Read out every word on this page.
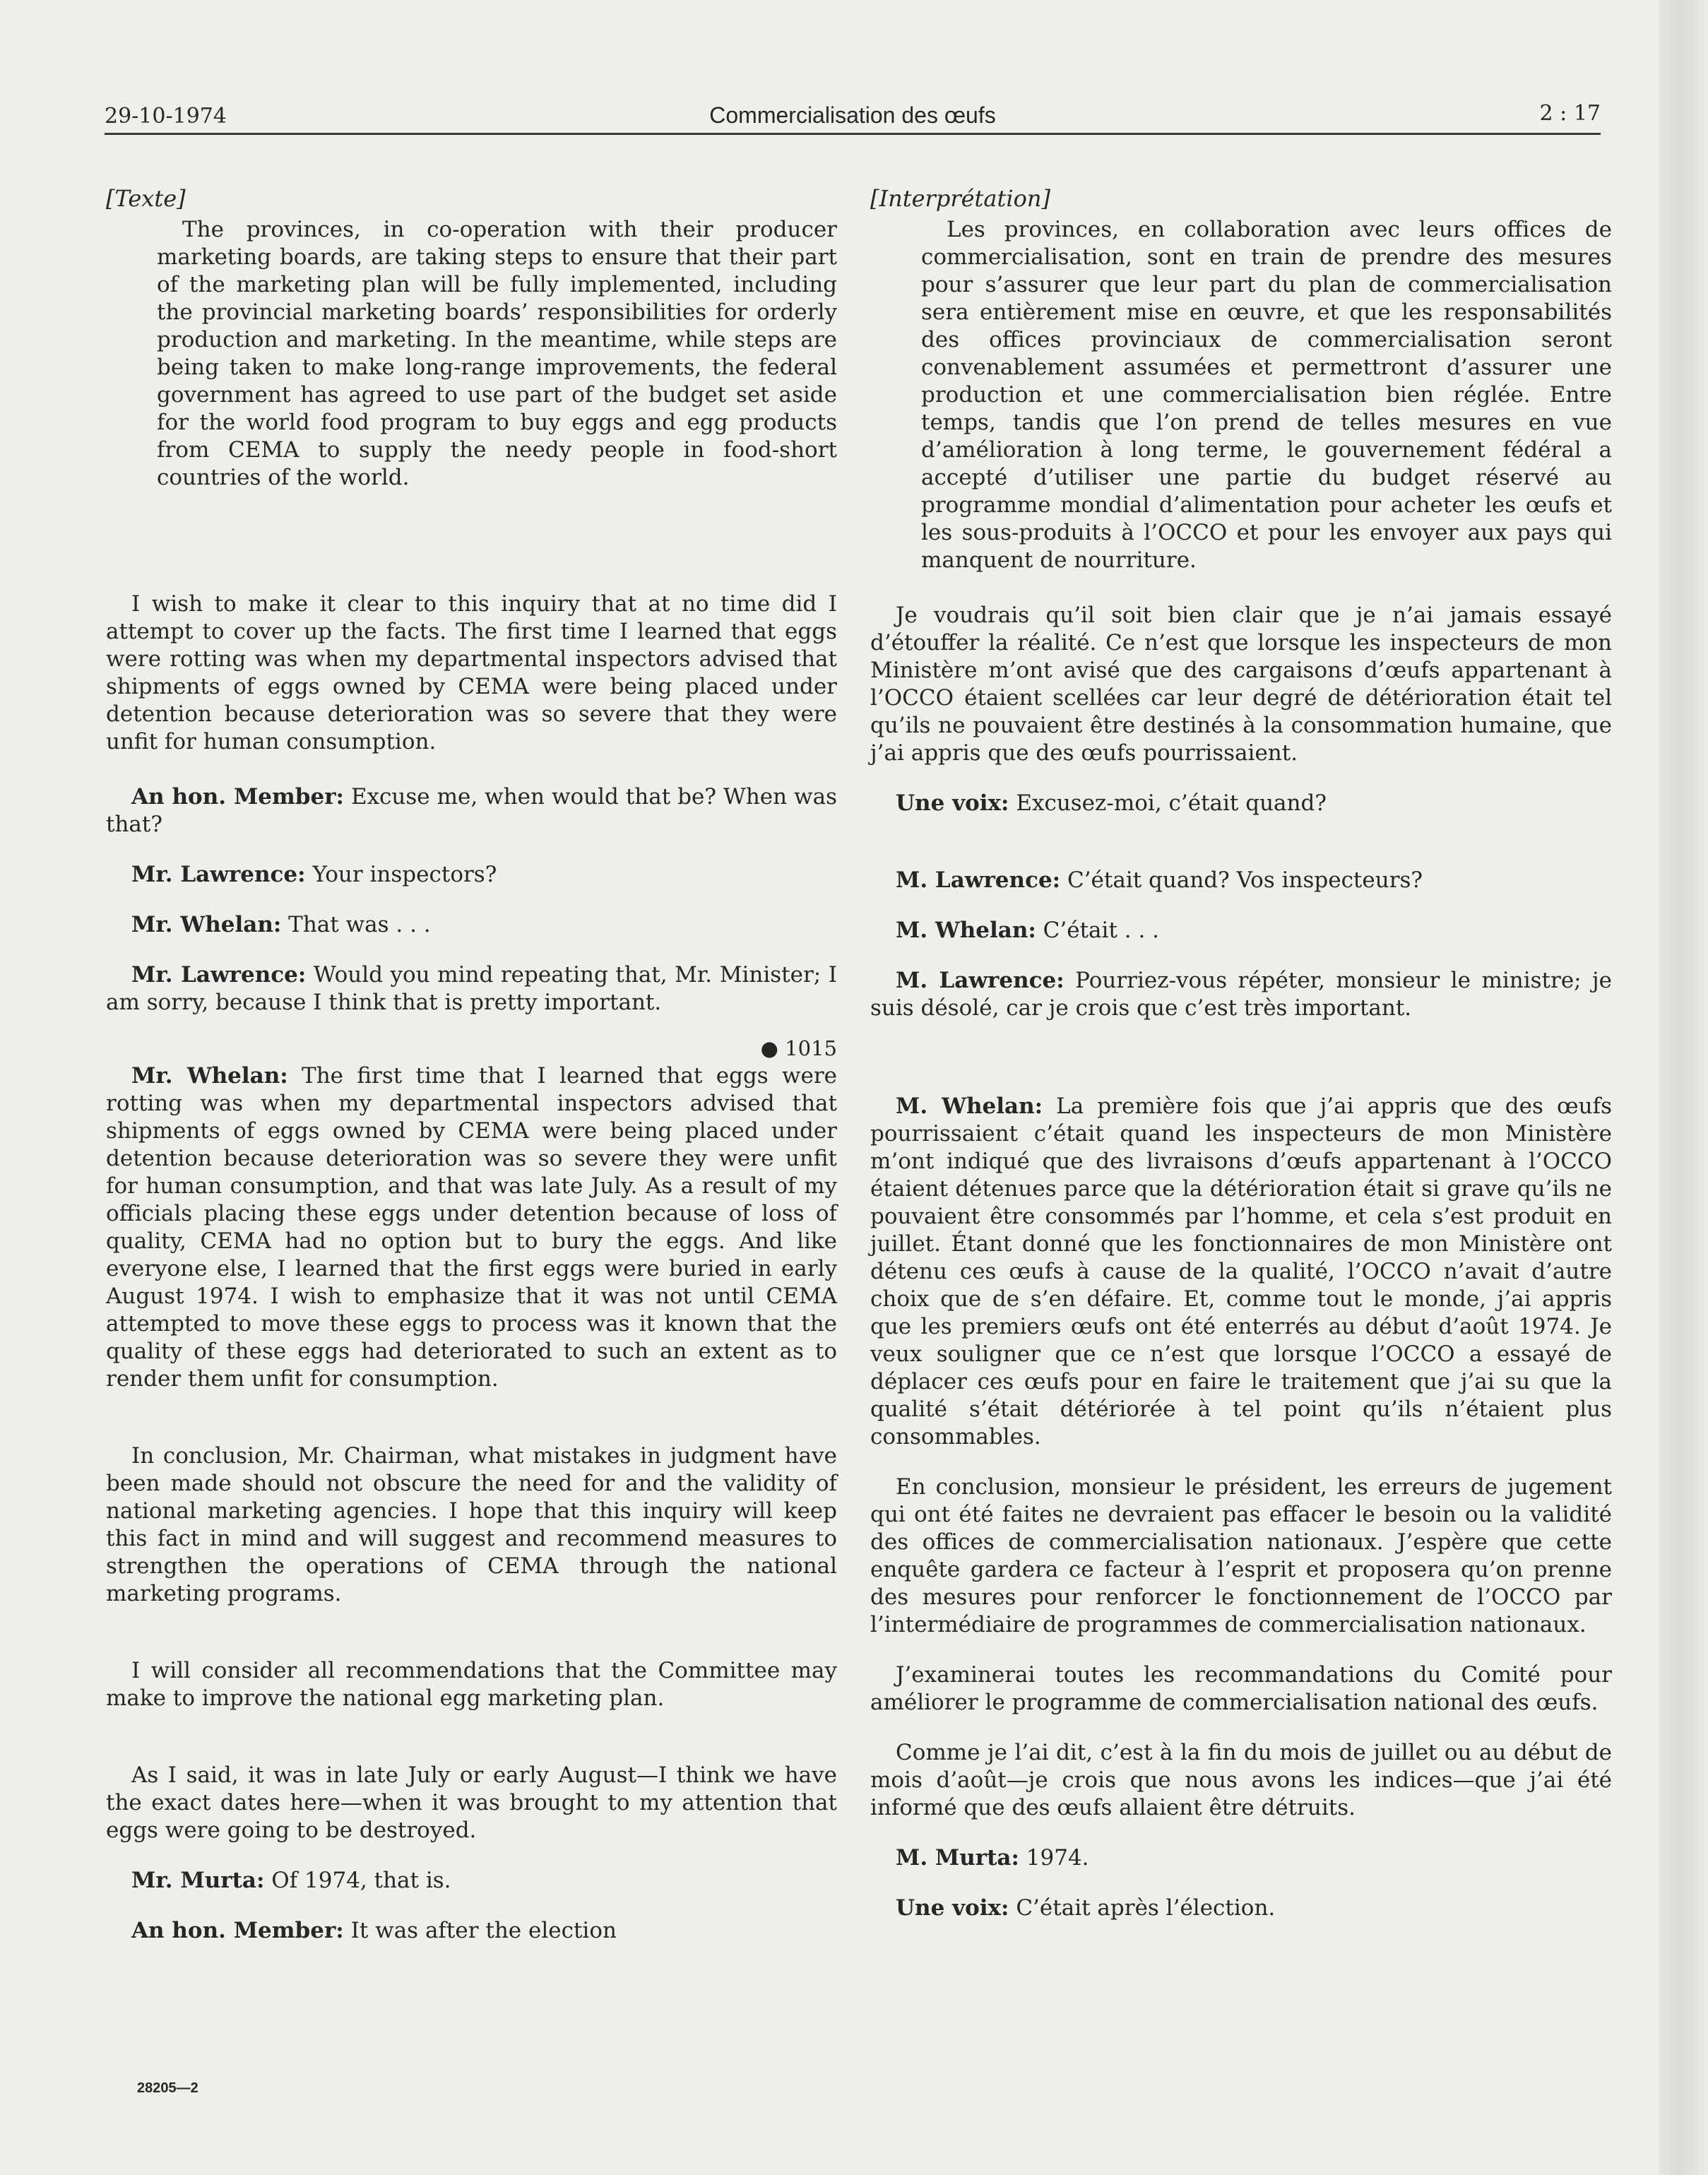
29-10-1974	Commercialisation des œufs	2 : 17
[Texte]

The provinces, in co-operation with their producer marketing boards, are taking steps to ensure that their part of the marketing plan will be fully implemented, including the provincial marketing boards’ responsibilities for orderly production and marketing. In the meantime, while steps are being taken to make long-range improvements, the federal government has agreed to use part of the budget set aside for the world food program to buy eggs and egg products from CEMA to supply the needy people in food-short countries of the world.

I wish to make it clear to this inquiry that at no time did I attempt to cover up the facts. The first time I learned that eggs were rotting was when my departmental inspectors advised that shipments of eggs owned by CEMA were being placed under detention because deterioration was so severe that they were unfit for human consumption.

An hon. Member: Excuse me, when would that be? When was that?

Mr. Lawrence: Your inspectors?

Mr. Whelan: That was . . .

Mr. Lawrence: Would you mind repeating that, Mr. Minister; I am sorry, because I think that is pretty important.

● 1015

Mr. Whelan: The first time that I learned that eggs were rotting was when my departmental inspectors advised that shipments of eggs owned by CEMA were being placed under detention because deterioration was so severe they were unfit for human consumption, and that was late July. As a result of my officials placing these eggs under detention because of loss of quality, CEMA had no option but to bury the eggs. And like everyone else, I learned that the first eggs were buried in early August 1974. I wish to emphasize that it was not until CEMA attempted to move these eggs to process was it known that the quality of these eggs had deteriorated to such an extent as to render them unfit for consumption.

In conclusion, Mr. Chairman, what mistakes in judgment have been made should not obscure the need for and the validity of national marketing agencies. I hope that this inquiry will keep this fact in mind and will suggest and recommend measures to strengthen the operations of CEMA through the national marketing programs.

I will consider all recommendations that the Committee may make to improve the national egg marketing plan.

As I said, it was in late July or early August—I think we have the exact dates here—when it was brought to my attention that eggs were going to be destroyed.

Mr. Murta: Of 1974, that is.

An hon. Member: It was after the election

[Interprétation]

Les provinces, en collaboration avec leurs offices de commercialisation, sont en train de prendre des mesures pour s’assurer que leur part du plan de commercialisation sera entièrement mise en œuvre, et que les responsabilités des offices provinciaux de commercialisation seront convenablement assumées et permettront d’assurer une production et une commercialisation bien réglée. Entre temps, tandis que l’on prend de telles mesures en vue d’amélioration à long terme, le gouvernement fédéral a accepté d’utiliser une partie du budget réservé au programme mondial d’alimentation pour acheter les œufs et les sous-produits à l’OCCO et pour les envoyer aux pays qui manquent de nourriture.

Je voudrais qu’il soit bien clair que je n’ai jamais essayé d’étouffer la réalité. Ce n’est que lorsque les inspecteurs de mon Ministère m’ont avisé que des cargaisons d’œufs appartenant à l’OCCO étaient scellées car leur degré de détérioration était tel qu’ils ne pouvaient être destinés à la consommation humaine, que j’ai appris que des œufs pourrissaient.

Une voix: Excusez-moi, c’était quand?

M. Lawrence: C’était quand? Vos inspecteurs?

M. Whelan: C’était . . .

M. Lawrence: Pourriez-vous répéter, monsieur le ministre; je suis désolé, car je crois que c’est très important.

M. Whelan: La première fois que j’ai appris que des œufs pourrissaient c’était quand les inspecteurs de mon Ministère m’ont indiqué que des livraisons d’œufs appartenant à l’OCCO étaient détenues parce que la détérioration était si grave qu’ils ne pouvaient être consommés par l’homme, et cela s’est produit en juillet. Étant donné que les fonctionnaires de mon Ministère ont détenu ces œufs à cause de la qualité, l’OCCO n’avait d’autre choix que de s’en défaire. Et, comme tout le monde, j’ai appris que les premiers œufs ont été enterrés au début d’août 1974. Je veux souligner que ce n’est que lorsque l’OCCO a essayé de déplacer ces œufs pour en faire le traitement que j’ai su que la qualité s’était détériorée à tel point qu’ils n’étaient plus consommables.

En conclusion, monsieur le président, les erreurs de jugement qui ont été faites ne devraient pas effacer le besoin ou la validité des offices de commercialisation nationaux. J’espère que cette enquête gardera ce facteur à l’esprit et proposera qu’on prenne des mesures pour renforcer le fonctionnement de l’OCCO par l’intermédiaire de programmes de commercialisation nationaux.

J’examinerai toutes les recommandations du Comité pour améliorer le programme de commercialisation national des œufs.

Comme je l’ai dit, c’est à la fin du mois de juillet ou au début de mois d’août—je crois que nous avons les indices—que j’ai été informé que des œufs allaient être détruits.

M. Murta: 1974.

Une voix: C’était après l’élection.

28205—2
